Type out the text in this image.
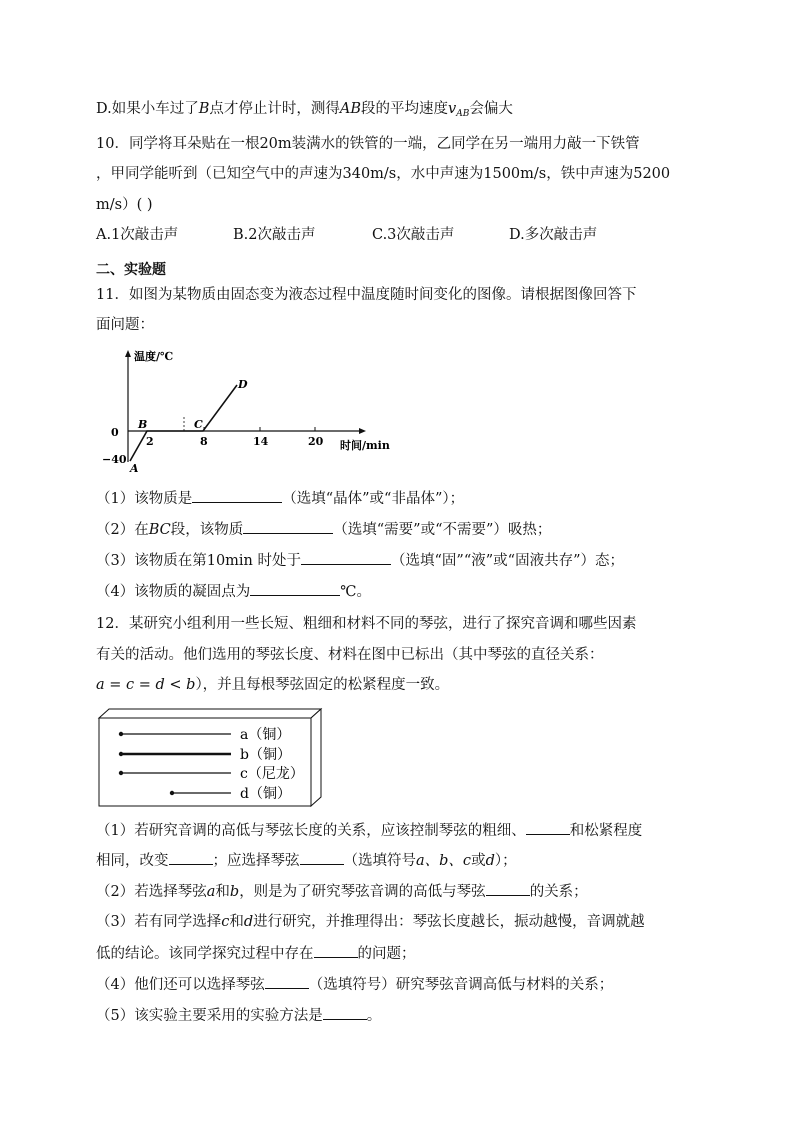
D.如果小车过了B点才停止计时，测得AB段的平均速度$v_{AB}$会偏大
10．同学将耳朵贴在一根20m装满水的铁管的一端，乙同学在另一端用力敲一下铁管
，甲同学能听到（已知空气中的声速为340m/s，水中声速为1500m/s，铁中声速为5200
m/s）( )
A.1次敲击声	B.2次敲击声	C.3次敲击声	D.多次敲击声
二、实验题
11．如图为某物质由固态变为液态过程中温度随时间变化的图像。请根据图像回答下
面问题：
温度/℃
时间/min
0
−40
2	8	14	20
A
B	C
D
（1）该物质是	（选填“晶体”或“非晶体”）；
（2）在BC段，该物质	（选填“需要”或“不需要”）吸热；
（3）该物质在第10min 时处于	（选填“固”“液”或“固液共存”）态；
（4）该物质的凝固点为	℃。
12．某研究小组利用一些长短、粗细和材料不同的琴弦，进行了探究音调和哪些因素
有关的活动。他们选用的琴弦长度、材料在图中已标出（其中琴弦的直径关系：
a = c = d < b），并且每根琴弦固定的松紧程度一致。
a（铜）
b（铜）
c（尼龙）
d（铜）
（1）若研究音调的高低与琴弦长度的关系，应该控制琴弦的粗细、	和松紧程度
相同，改变	；应选择琴弦	（选填符号a、b、c或d）；
（2）若选择琴弦a和b，则是为了研究琴弦音调的高低与琴弦	的关系；
（3）若有同学选择c和d进行研究，并推理得出：琴弦长度越长，振动越慢，音调就越
低的结论。该同学探究过程中存在	的问题；
（4）他们还可以选择琴弦	（选填符号）研究琴弦音调高低与材料的关系；
（5）该实验主要采用的实验方法是	。
